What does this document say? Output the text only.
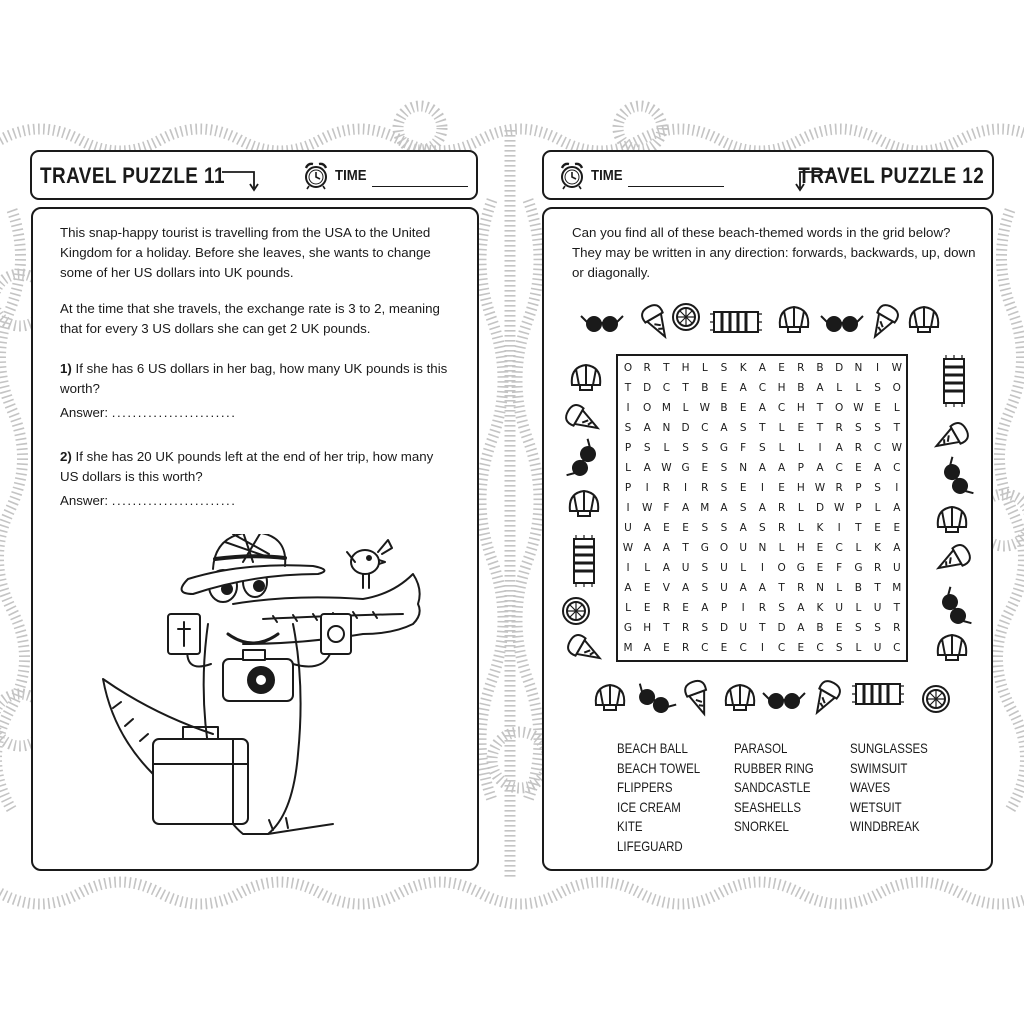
TRAVEL PUZZLE 11	TIME

This snap-happy tourist is travelling from the USA to the United Kingdom for a holiday. Before she leaves, she wants to change some of her US dollars into UK pounds.

At the time that she travels, the exchange rate is 3 to 2, meaning that for every 3 US dollars she can get 2 UK pounds.

1) If she has 6 US dollars in her bag, how many UK pounds is this worth?

Answer: ........................

2) If she has 20 UK pounds left at the end of her trip, how many US dollars is this worth?

Answer: ........................
TIME	TRAVEL PUZZLE 12

Can you find all of these beach-themed words in the grid below? They may be written in any direction: forwards, backwards, up, down or diagonally.

O	R	T	H	L	S	K	A	E	R	B	D	N	I	W
T	D	C	T	B	E	A	C	H	B	A	L	L	S	O
I	O	M	L	W B	E	A	C	H	T	O W	E	L
S	A	N	D	C	A	S	T	L	E	T	R	S	S	T
P	S	L	S	S	G	F	S	L	L	I	A	R	C W
L	A W G	E	S	N	A	A	P	A	C	E	A	C
P	I	R	I	R	S	E	I	E	H W R	P	S	I
I	W	F	A	M	A	S	A	R	L	D W	P	L	A
U	A	E	E	S	S	A	S	R	L	K	I	T	E	E
W A	A	T	G	O	U	N	L	H	E	C	L	K	A
I	L	A	U	S	U	L	I	O	G	E	F	G	R	U
A	E	V	A	S	U	A	A	T	R	N	L	B	T	M
L	E	R	E	A	P	I	R	S	A	K	U	L	U	T
G	H	T	R	S	D	U	T	D	A	B	E	S	S	R
M	A	E	R	C	E	C	I	C	E	C	S	L	U	C
BEACH BALL
BEACH TOWEL
FLIPPERS
ICE CREAM
KITE
LIFEGUARD
PARASOL
RUBBER RING
SANDCASTLE
SEASHELLS
SNORKEL
SUNGLASSES
SWIMSUIT
WAVES
WETSUIT
WINDBREAK
